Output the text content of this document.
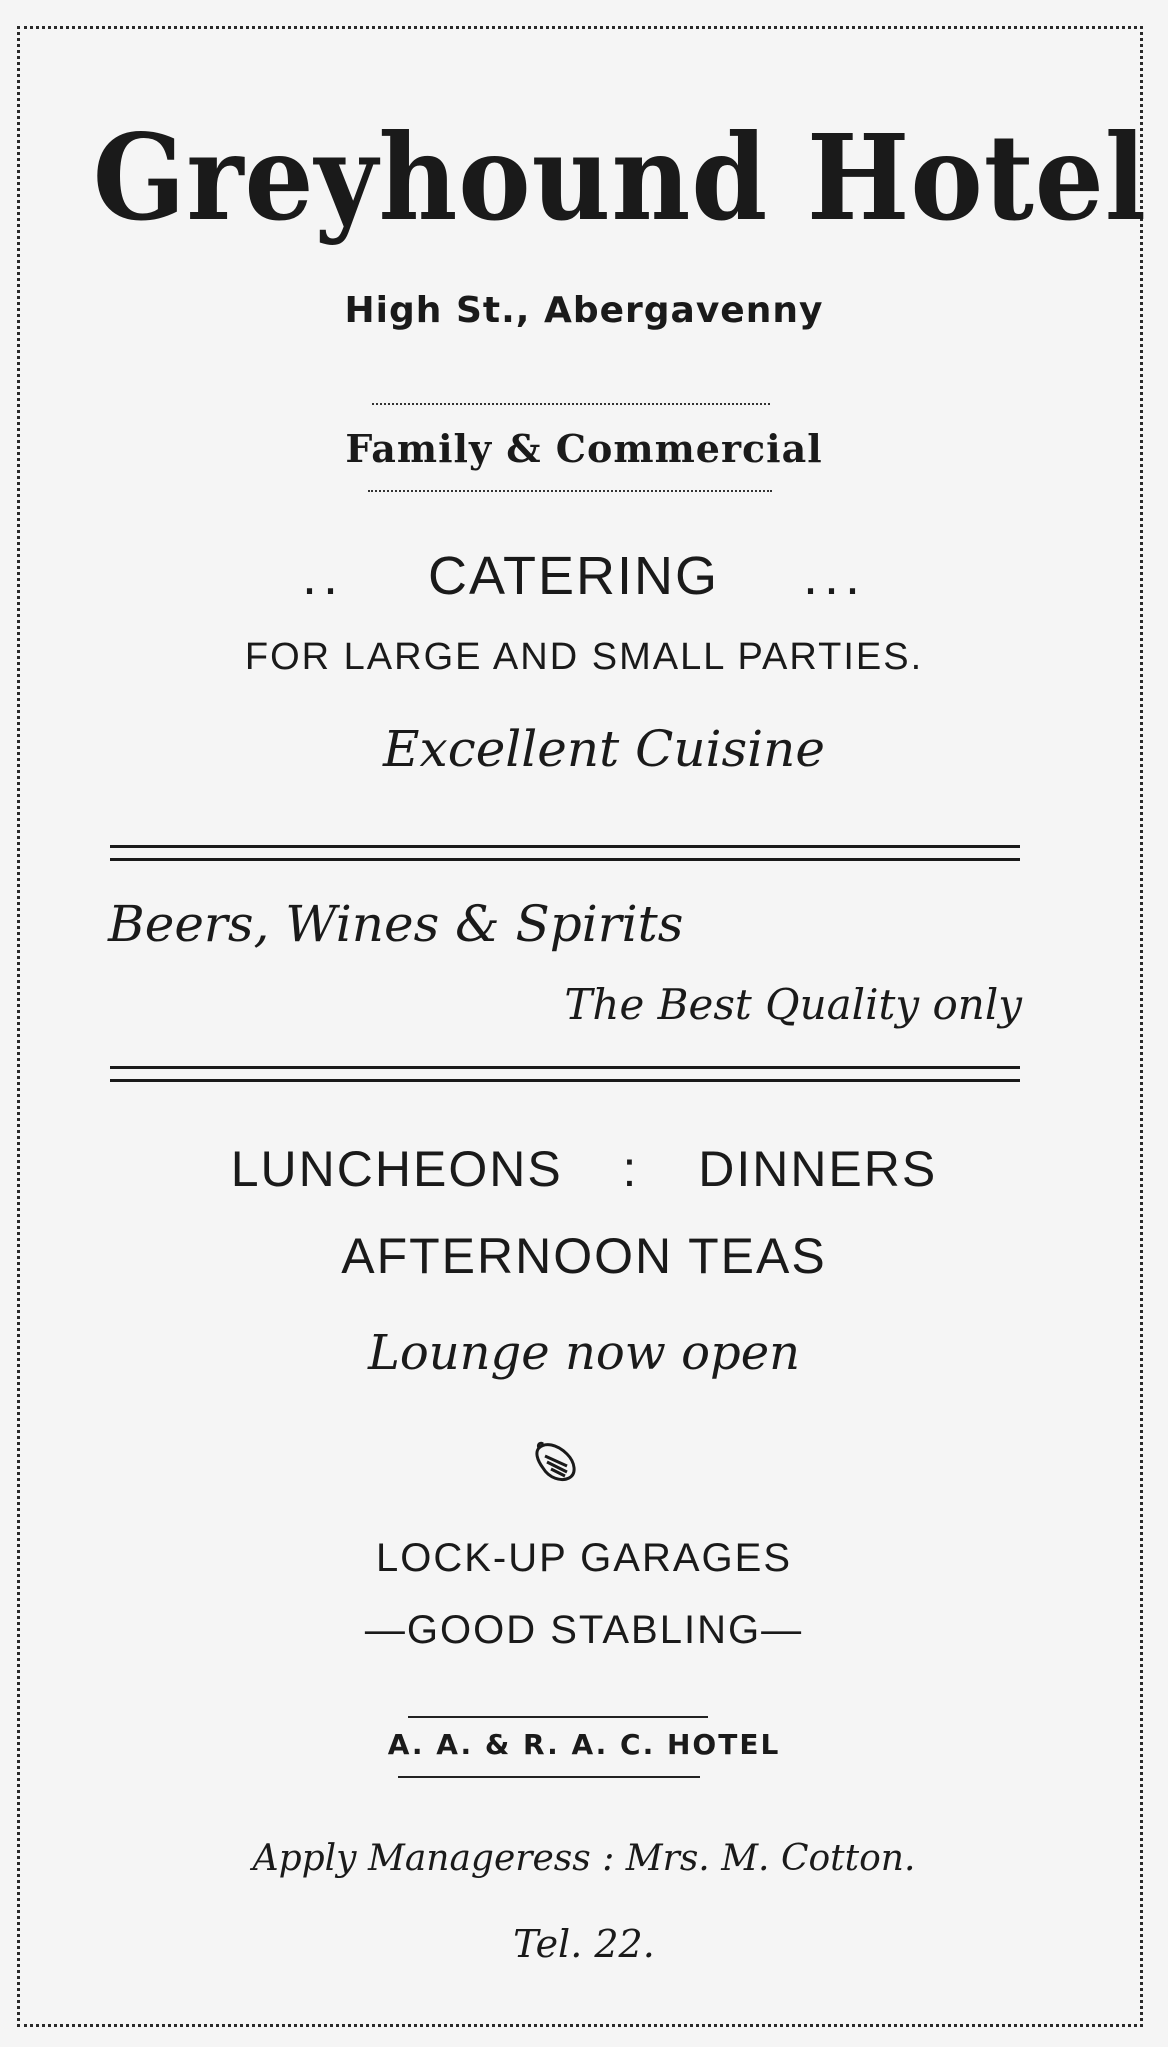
Greyhound Hotel
High St., Abergavenny
Family & Commercial
.. CATERING ...
FOR LARGE AND SMALL PARTIES.
Excellent Cuisine
Beers, Wines & Spirits
The Best Quality only
LUNCHEONS : DINNERS
AFTERNOON TEAS
Lounge now open
LOCK-UP GARAGES
—GOOD STABLING—
A. A. & R. A. C. HOTEL
Apply Manageress : Mrs. M. Cotton.
Tel. 22.
